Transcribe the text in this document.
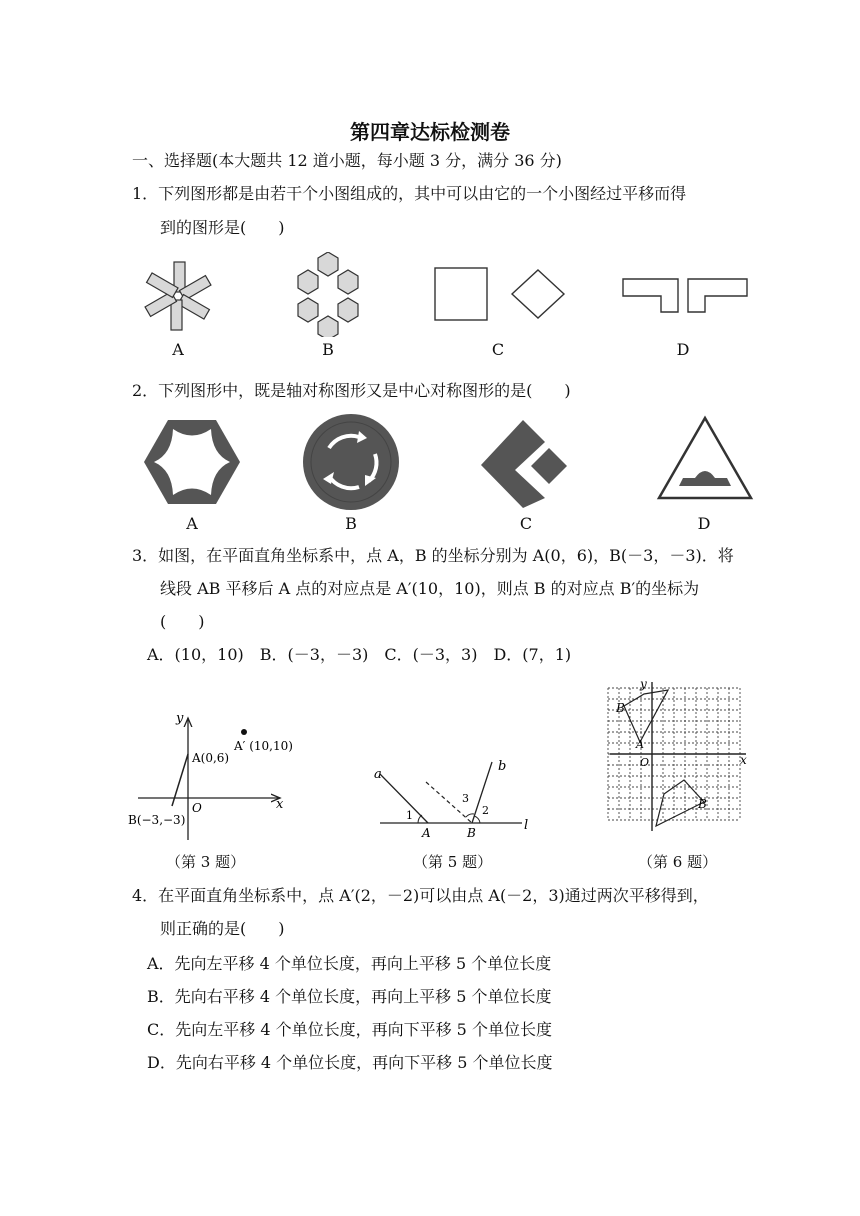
第四章达标检测卷
一、选择题(本大题共 12 道小题，每小题 3 分，满分 36 分)
1．下列图形都是由若干个小图组成的，其中可以由它的一个小图经过平移而得
到的图形是(　　)
A	B	C	D
2．下列图形中，既是轴对称图形又是中心对称图形的是(　　)
A	B	C	D
3．如图，在平面直角坐标系中，点 A，B 的坐标分别为 A(0，6)，B(－3，－3)．将
线段 AB 平移后 A 点的对应点是 A′(10，10)，则点 B 的对应点 B′的坐标为
(　　)
A．(10，10)　B．(－3，－3)　C．(－3，3)　D．(7，1)
y
x
O
A(0,6)
A′ (10,10)
B(−3,−3)
（第 3 题）
a
b
l
A	B
1	2
3
（第 5 题）
y
x
O
B
A
B
（第 6 题）
4．在平面直角坐标系中，点 A′(2，－2)可以由点 A(－2，3)通过两次平移得到，
则正确的是(　　)
A．先向左平移 4 个单位长度，再向上平移 5 个单位长度
B．先向右平移 4 个单位长度，再向上平移 5 个单位长度
C．先向左平移 4 个单位长度，再向下平移 5 个单位长度
D．先向右平移 4 个单位长度，再向下平移 5 个单位长度
